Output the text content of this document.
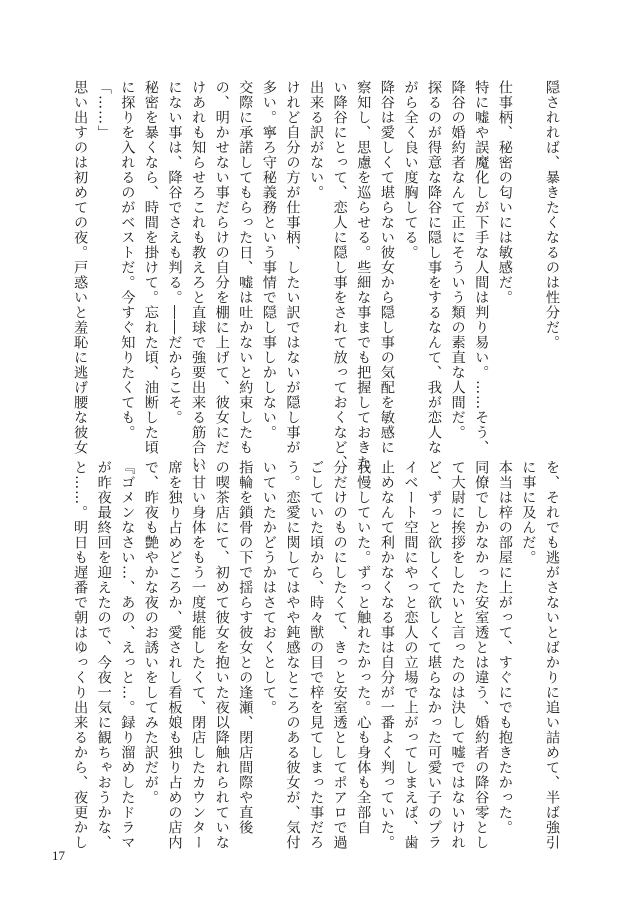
隠されれば、暴きたくなるのは性分だ。

仕事柄、秘密の匂いには敏感だ。
特に嘘や誤魔化しが下手な人間は判り易い。……そう、
降谷の婚約者なんて正にそういう類の素直な人間だ。
探るのが得意な降谷に隠し事をするなんて、我が恋人な
がら全く良い度胸してる。
降谷は愛しくて堪らない彼女から隠し事の気配を敏感に
察知し、思慮を巡らせる。些細な事までも把握しておきた
い降谷にとって、恋人に隠し事をされて放っておくなど、
出来る訳がない。
けれど自分の方が仕事柄、したい訳ではないが隠し事が
多い。寧ろ守秘義務という事情で隠し事しかしない。
交際に承諾してもらった日、嘘は吐かないと約束したも
の、明かせない事だらけの自分を棚に上げて、彼女にだ
けあれも知らせろこれも教えろと直球で強要出来る筋合い
にない事は、降谷でさえも判る。――だからこそ。
秘密を暴くなら、時間を掛けて。忘れた頃、油断した頃
に探りを入れるのがベストだ。今すぐ知りたくても。
「……」
思い出すのは初めての夜。戸惑いと羞恥に逃げ腰な彼女
を、それでも逃がさないとばかりに追い詰めて、半ば強引
に事に及んだ。
本当は梓の部屋に上がって、すぐにでも抱きたかった。
同僚でしかなかった安室透とは違う、婚約者の降谷零とし
て大尉に挨拶をしたいと言ったのは決して嘘ではないけれ
ど、ずっと欲しくて欲しくて堪らなかった可愛い子のプラ
イベート空間にやっと恋人の立場で上がってしまえば、歯
止めなんて利かなくなる事は自分が一番よく判っていた。
我慢していた。ずっと触れたかった。心も身体も全部自
分だけのものにしたくて、きっと安室透としてポアロで過
ごしていた頃から、時々獣の目で梓を見てしまった事だろ
う。恋愛に関してはやや鈍感なところのある彼女が、気付
いていたかどうかはさておくとして。
指輪を鎖骨の下で揺らす彼女との逢瀬、閉店間際や直後
の喫茶店にて、初めて彼女を抱いた夜以降触れられていな
い甘い身体をもう一度堪能したくて、閉店したカウンター
席を独り占めどころか、愛されし看板娘も独り占めの店内
で、昨夜も艶やかな夜のお誘いをしてみた訳だが。
『ゴメンなさい…、あの、えっと…。録り溜めしたドラマ
が昨夜最終回を迎えたので、今夜一気に観ちゃおうかな、
と……。明日も遅番で朝はゆっくり出来るから、夜更かし
17
